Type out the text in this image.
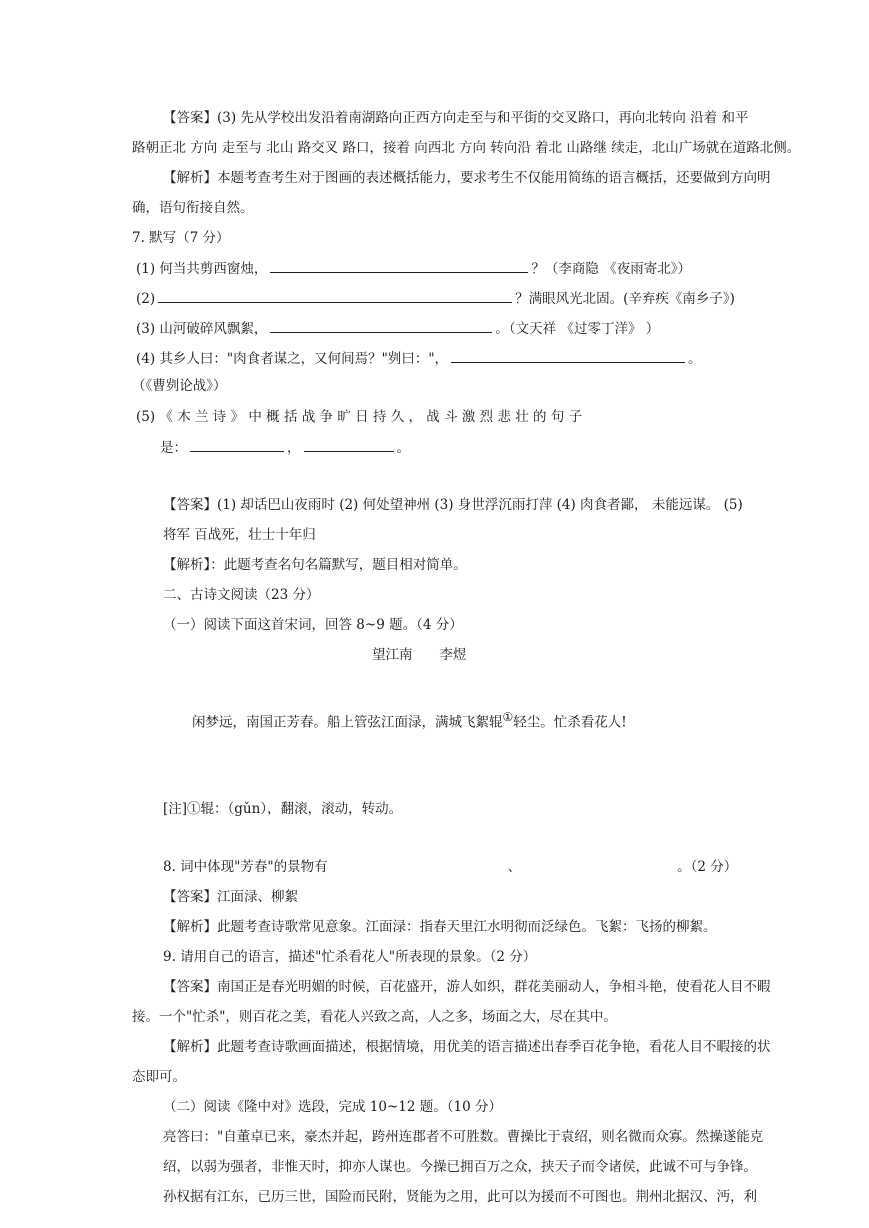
【答案】(3) 先从学校出发沿着南湖路向正西方向走至与和平街的交叉路口，再向北转向 沿着 和平
路朝正北 方向 走至与 北山 路交叉 路口，接着 向西北 方向 转向沿 着北 山路继 续走，北山广场就在道路北侧。
【解析】本题考查考生对于图画的表述概括能力，要求考生不仅能用简练的语言概括，还要做到方向明
确，语句衔接自然。
7. 默写（7 分）
(1) 何当共剪西窗烛，	？（李商隐 《夜雨寄北》）
(2)	？满眼风光北固。(辛弃疾《南乡子》)
(3) 山河破碎风飘絮，	。（文天祥 《过零丁洋》 ）
(4) 其乡人曰："肉食者谋之，又何间焉？"刿曰："，	。
（《曹刿论战》）
(5) 《 木 兰 诗 》 中 概 括 战 争 旷 日 持 久 ， 战 斗 激 烈 悲 壮 的 句 子
是：	，	。
【答案】(1) 却话巴山夜雨时 (2) 何处望神州 (3) 身世浮沉雨打萍 (4) 肉食者鄙， 未能远谋。 (5)
将军 百战死，壮士十年归
【解析】：此题考查名句名篇默写，题目相对简单。
二、古诗文阅读（23 分）
（一）阅读下面这首宋词，回答 8~9 题。（4 分）
望江南　　李煜
闲梦远，南国正芳春。船上管弦江面渌，满城飞絮辊①轻尘。忙杀看花人!
[注]①辊：（gǔn），翻滚，滚动，转动。
8. 词中体现"芳春"的景物有	、	。（2 分）
【答案】江面渌、柳絮
【解析】此题考查诗歌常见意象。江面渌：指春天里江水明彻而泛绿色。飞絮：飞扬的柳絮。
9. 请用自己的语言，描述"忙杀看花人"所表现的景象。（2 分）
【答案】南国正是春光明媚的时候，百花盛开，游人如织，群花美丽动人，争相斗艳，使看花人目不暇
接。一个"忙杀"，则百花之美，看花人兴致之高，人之多，场面之大，尽在其中。
【解析】此题考查诗歌画面描述，根据情境，用优美的语言描述出春季百花争艳，看花人目不暇接的状
态即可。
（二）阅读《隆中对》选段，完成 10~12 题。（10 分）
亮答曰："自董卓已来，豪杰并起，跨州连郡者不可胜数。曹操比于袁绍，则名微而众寡。然操遂能克
绍，以弱为强者，非惟天时，抑亦人谋也。今操已拥百万之众，挟天子而令诸侯，此诚不可与争锋。
孙权据有江东，已历三世，国险而民附，贤能为之用，此可以为援而不可图也。荆州北据汉、沔，利
